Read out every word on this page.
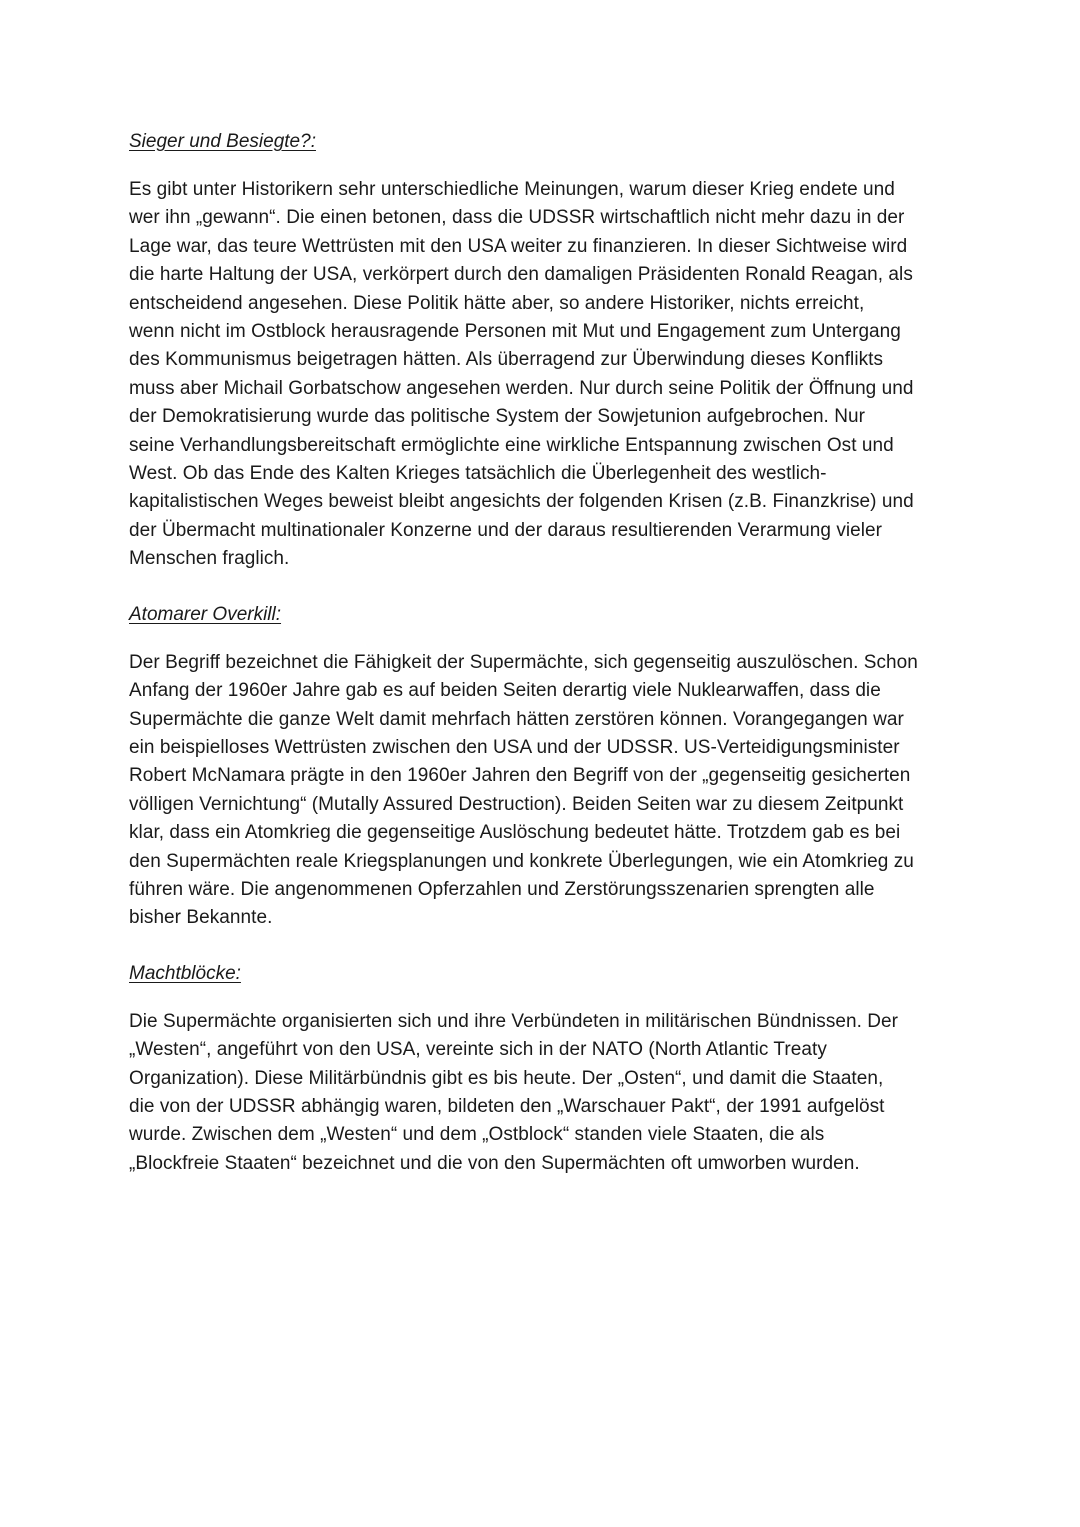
Sieger und Besiegte?:
Es gibt unter Historikern sehr unterschiedliche Meinungen, warum dieser Krieg endete und
wer ihn „gewann“. Die einen betonen, dass die UDSSR wirtschaftlich nicht mehr dazu in der
Lage war, das teure Wettrüsten mit den USA weiter zu finanzieren. In dieser Sichtweise wird
die harte Haltung der USA, verkörpert durch den damaligen Präsidenten Ronald Reagan, als
entscheidend angesehen. Diese Politik hätte aber, so andere Historiker, nichts erreicht,
wenn nicht im Ostblock herausragende Personen mit Mut und Engagement zum Untergang
des Kommunismus beigetragen hätten. Als überragend zur Überwindung dieses Konflikts
muss aber Michail Gorbatschow angesehen werden. Nur durch seine Politik der Öffnung und
der Demokratisierung wurde das politische System der Sowjetunion aufgebrochen. Nur
seine Verhandlungsbereitschaft ermöglichte eine wirkliche Entspannung zwischen Ost und
West. Ob das Ende des Kalten Krieges tatsächlich die Überlegenheit des westlich-
kapitalistischen Weges beweist bleibt angesichts der folgenden Krisen (z.B. Finanzkrise) und
der Übermacht multinationaler Konzerne und der daraus resultierenden Verarmung vieler
Menschen fraglich.
Atomarer Overkill:
Der Begriff bezeichnet die Fähigkeit der Supermächte, sich gegenseitig auszulöschen. Schon
Anfang der 1960er Jahre gab es auf beiden Seiten derartig viele Nuklearwaffen, dass die
Supermächte die ganze Welt damit mehrfach hätten zerstören können. Vorangegangen war
ein beispielloses Wettrüsten zwischen den USA und der UDSSR. US-Verteidigungsminister
Robert McNamara prägte in den 1960er Jahren den Begriff von der „gegenseitig gesicherten
völligen Vernichtung“ (Mutally Assured Destruction). Beiden Seiten war zu diesem Zeitpunkt
klar, dass ein Atomkrieg die gegenseitige Auslöschung bedeutet hätte. Trotzdem gab es bei
den Supermächten reale Kriegsplanungen und konkrete Überlegungen, wie ein Atomkrieg zu
führen wäre. Die angenommenen Opferzahlen und Zerstörungsszenarien sprengten alle
bisher Bekannte.
Machtblöcke:
Die Supermächte organisierten sich und ihre Verbündeten in militärischen Bündnissen. Der
„Westen“, angeführt von den USA, vereinte sich in der NATO (North Atlantic Treaty
Organization). Diese Militärbündnis gibt es bis heute. Der „Osten“, und damit die Staaten,
die von der UDSSR abhängig waren, bildeten den „Warschauer Pakt“, der 1991 aufgelöst
wurde. Zwischen dem „Westen“ und dem „Ostblock“ standen viele Staaten, die als
„Blockfreie Staaten“ bezeichnet und die von den Supermächten oft umworben wurden.
